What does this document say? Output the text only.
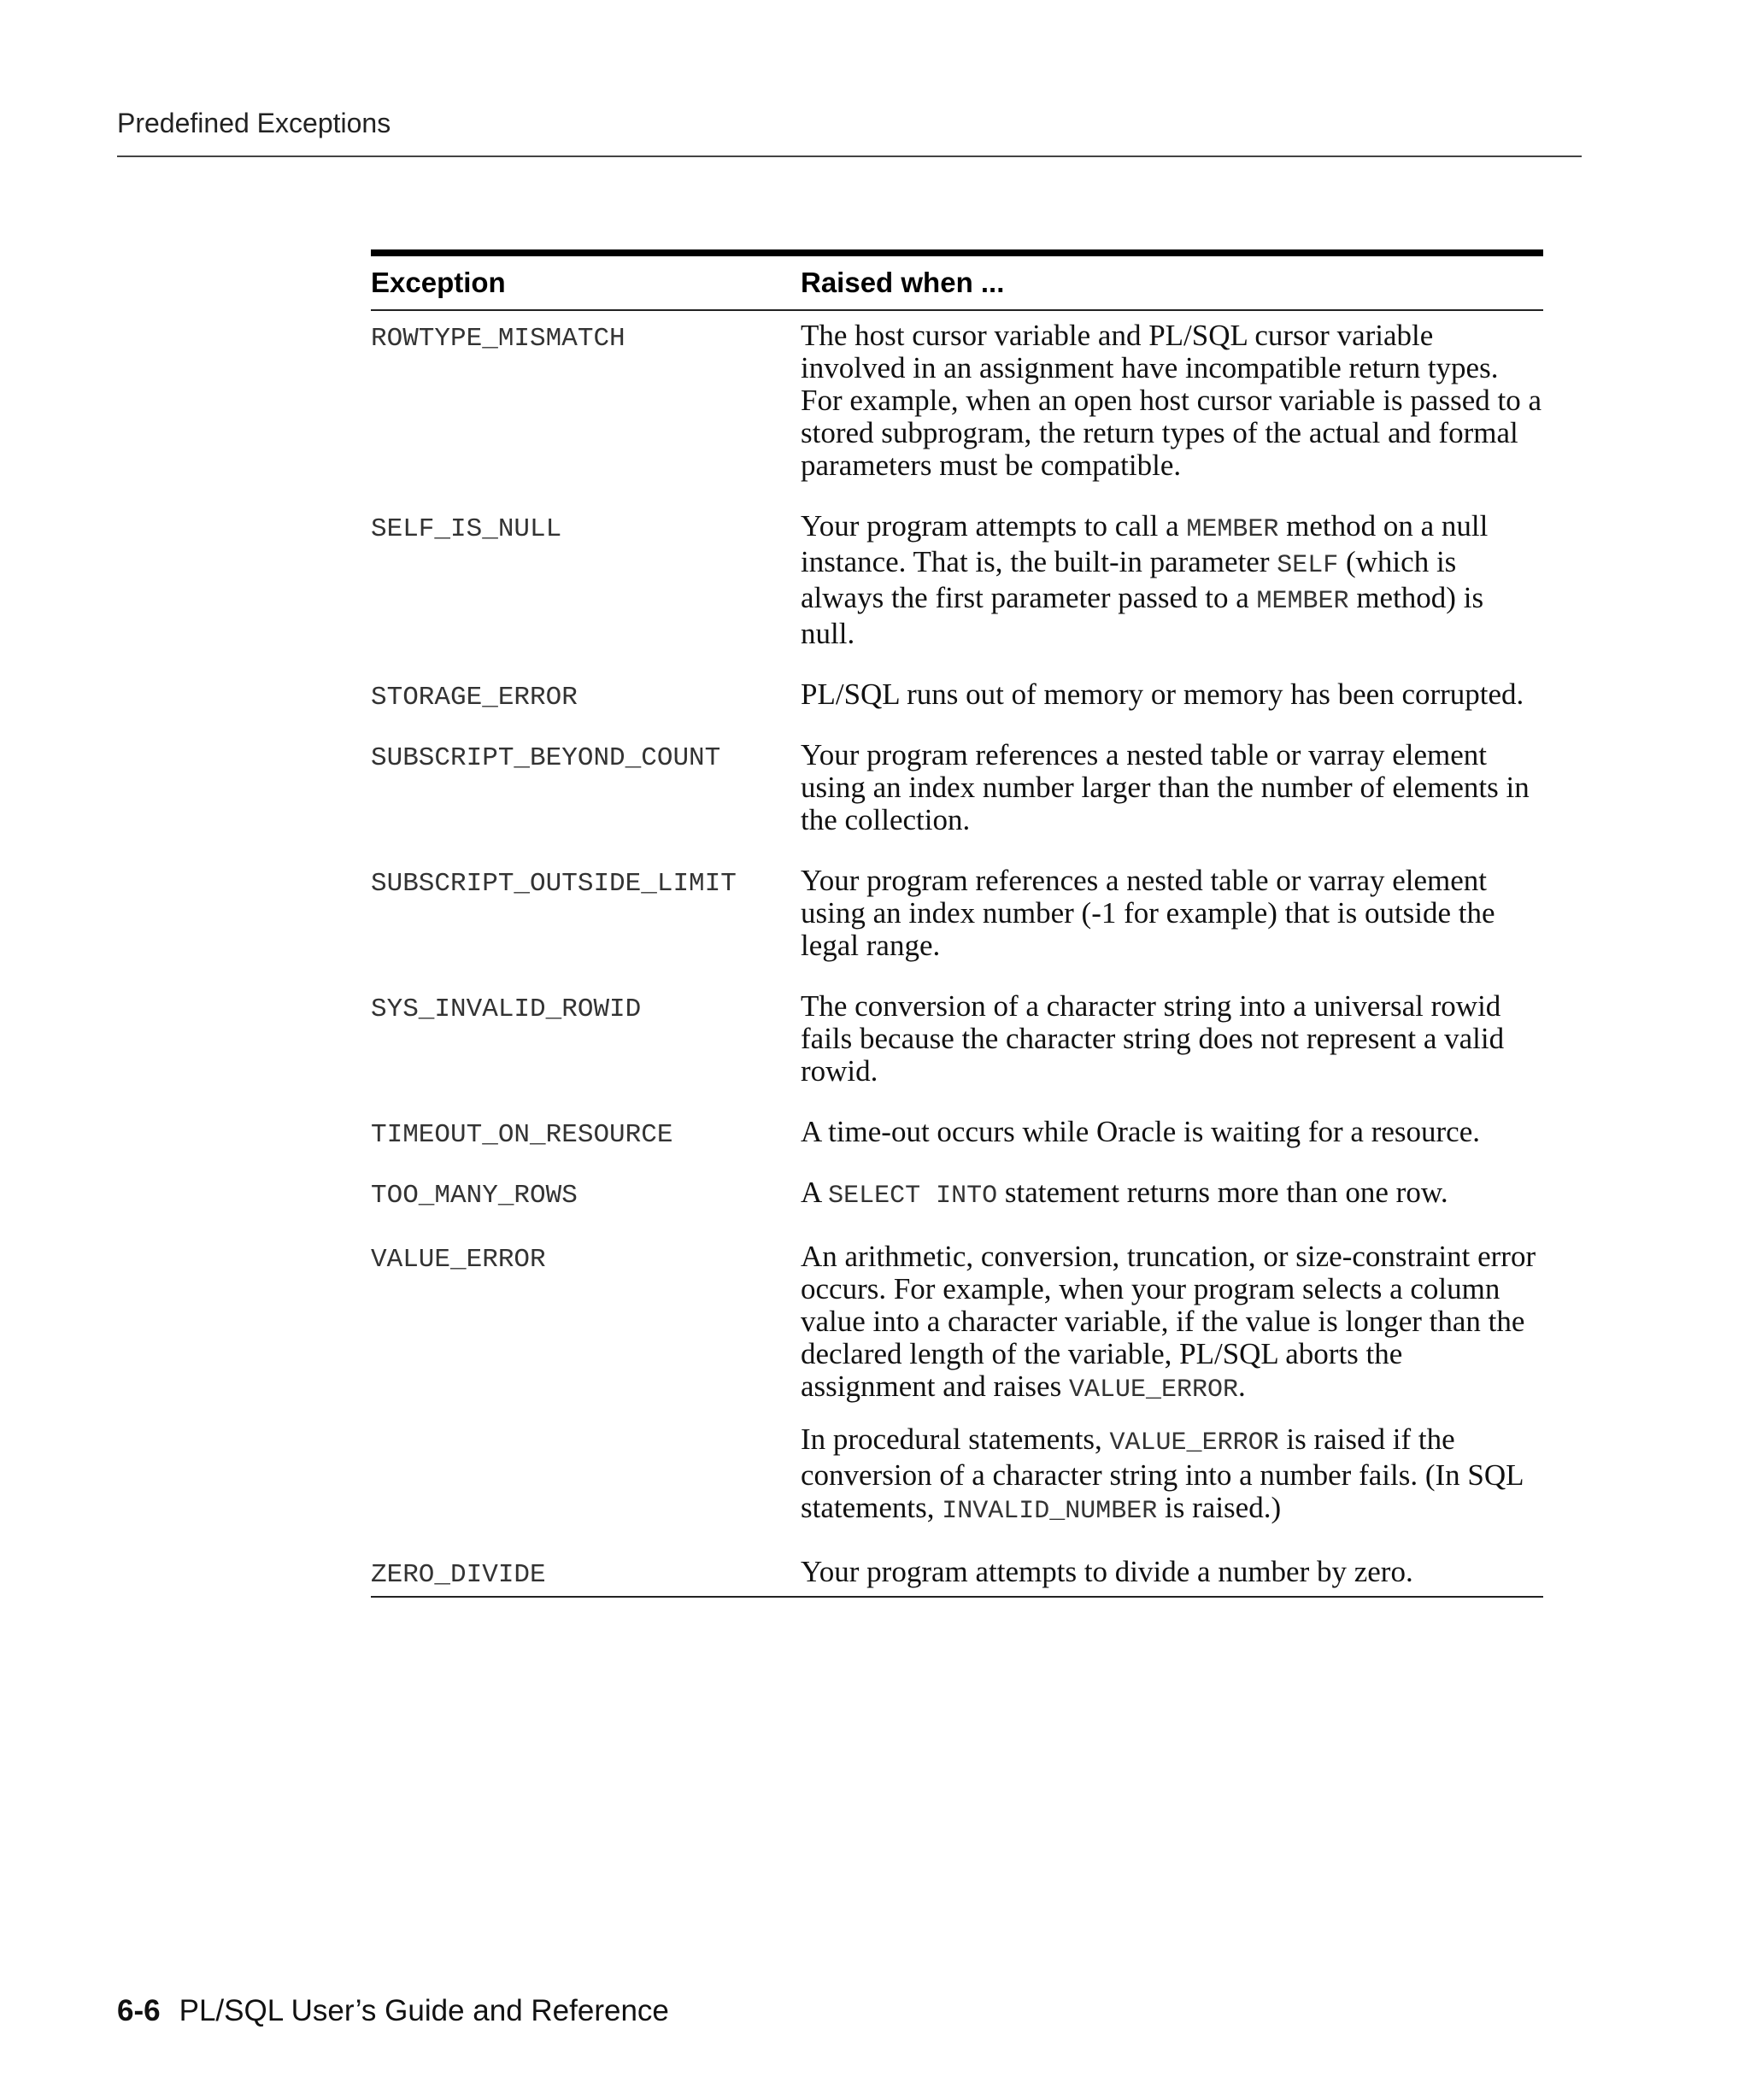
Predefined Exceptions
Exception	Raised when ...
ROWTYPE_MISMATCH	The host cursor variable and PL/SQL cursor variable involved in an assignment have incompatible return types. For example, when an open host cursor variable is passed to a stored subprogram, the return types of the actual and formal parameters must be compatible.

SELF_IS_NULL	Your program attempts to call a MEMBER method on a null instance. That is, the built-in parameter SELF (which is always the first parameter passed to a MEMBER method) is null.

STORAGE_ERROR	PL/SQL runs out of memory or memory has been corrupted.

SUBSCRIPT_BEYOND_COUNT	Your program references a nested table or varray element using an index number larger than the number of elements in the collection.

SUBSCRIPT_OUTSIDE_LIMIT	Your program references a nested table or varray element using an index number (-1 for example) that is outside the legal range.

SYS_INVALID_ROWID	The conversion of a character string into a universal rowid fails because the character string does not represent a valid rowid.

TIMEOUT_ON_RESOURCE	A time-out occurs while Oracle is waiting for a resource.

TOO_MANY_ROWS	A SELECT INTO statement returns more than one row.

VALUE_ERROR	An arithmetic, conversion, truncation, or size-constraint error occurs. For example, when your program selects a column value into a character variable, if the value is longer than the declared length of the variable, PL/SQL aborts the assignment and raises VALUE_ERROR.

In procedural statements, VALUE_ERROR is raised if the conversion of a character string into a number fails. (In SQL statements, INVALID_NUMBER is raised.)

ZERO_DIVIDE	Your program attempts to divide a number by zero.

6-6 PL/SQL User’s Guide and Reference
